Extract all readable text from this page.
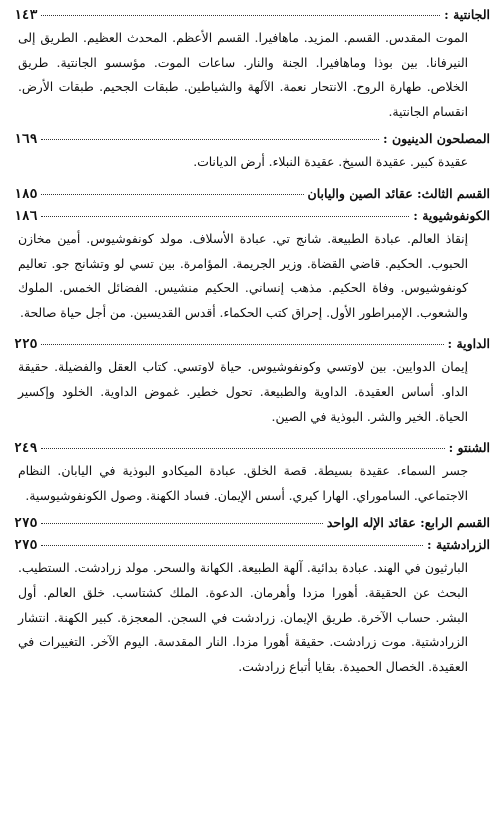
الجانتية :
١٤٣

الموت المقدس. القسم. المزيد. ماهافيرا. القسم الأعظم. المحدث العظيم. الطريق إلى النيرفانا. بين بوذا وماهافيرا. الجنة والنار. ساعات الموت. مؤسسو الجانتية. طريق الخلاص. طهارة الروح. الانتحار نعمة. الآلهة والشياطين. طبقات الجحيم. طبقات الأرض. انقسام الجانتية.

المصلحون الدينيون :
١٦٩

عقيدة كبير. عقيدة السيخ. عقيدة النبلاء. أرض الديانات.

القسم الثالث: عقائد الصين واليابان
١٨٥
الكونفوشيوية :
١٨٦

إنقاذ العالم. عبادة الطبيعة. شانج تي. عبادة الأسلاف. مولد كونفوشيوس. أمين مخازن الحبوب. الحكيم. قاضي القضاة. وزير الجريمة. المؤامرة. بين تسي لو وتشانج جو. تعاليم كونفوشيوس. وفاة الحكيم. مذهب إنساني. الحكيم منشيس. الفضائل الخمس. الملوك والشعوب. الإمبراطور الأول. إحراق كتب الحكماء. أقدس القديسين. من أجل حياة صالحة.

الداوية :
٢٢٥

إيمان الدوايين. بين لاوتسي وكونفوشيوس. حياة لاوتسي. كتاب العقل والفضيلة. حقيقة الداو. أساس العقيدة. الداوية والطبيعة. تحول خطير. غموض الداوية. الخلود وإكسير الحياة. الخير والشر. البوذية في الصين.

الشنتو :
٢٤٩

جسر السماء. عقيدة بسيطة. قصة الخلق. عبادة الميكادو البوذية في اليابان. النظام الاجتماعي. الساموراي. الهارا كيري. أسس الإيمان. فساد الكهنة. وصول الكونفوشيوسية.

القسم الرابع: عقائد الإله الواحد
٢٧٥
الزرادشتية :
٢٧٥

البارثيون في الهند. عبادة بدائية. آلهة الطبيعة. الكهانة والسحر. مولد زرادشت. الستطيب. البحث عن الحقيقة. أهورا مزدا وأهرمان. الدعوة. الملك كشتاسب. خلق العالم. أول البشر. حساب الآخرة. طريق الإيمان. زرادشت في السجن. المعجزة. كبير الكهنة. انتشار الزرادشتية. موت زرادشت. حقيقة أهورا مزدا. النار المقدسة. اليوم الآخر. التغييرات في العقيدة. الخصال الحميدة. بقايا أتباع زرادشت.
